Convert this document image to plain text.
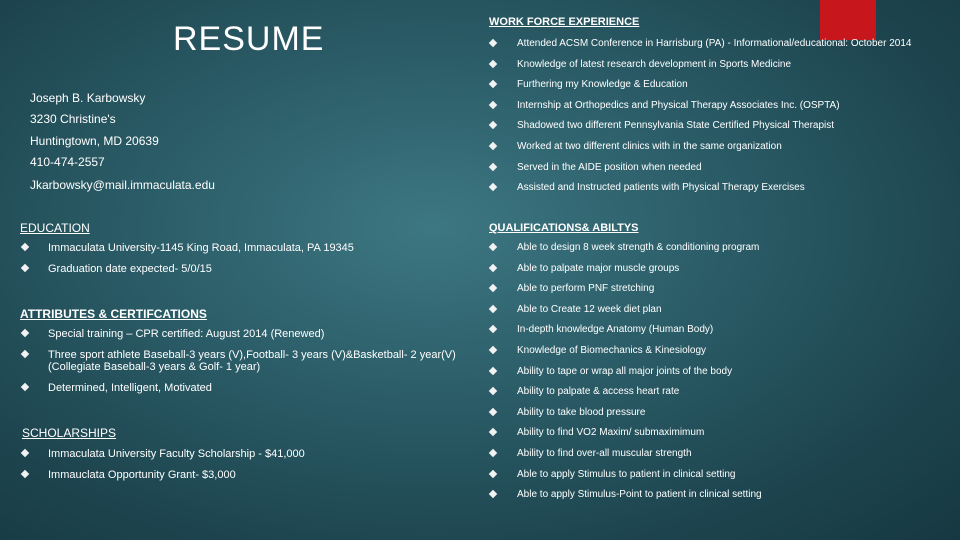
RESUME
Joseph B. Karbowsky
3230 Christine's
Huntingtown, MD 20639
410-474-2557
Jkarbowsky@mail.immaculata.edu
EDUCATION
Immaculata University-1145 King Road, Immaculata, PA 19345
Graduation date expected- 5/0/15
ATTRIBUTES & CERTIFCATIONS
Special training – CPR certified: August 2014 (Renewed)
Three sport athlete Baseball-3 years (V),Football- 3 years (V)&Basketball- 2 year(V) (Collegiate Baseball-3 years & Golf- 1 year)
Determined, Intelligent, Motivated
SCHOLARSHIPS
Immaculata University Faculty Scholarship - $41,000
Immauclata Opportunity Grant- $3,000
WORK FORCE EXPERIENCE
Attended ACSM Conference in Harrisburg (PA) - Informational/educational: October 2014
Knowledge of latest research development in Sports Medicine
Furthering my Knowledge & Education
Internship at Orthopedics and Physical Therapy Associates Inc. (OSPTA)
Shadowed two different Pennsylvania State Certified Physical Therapist
Worked at two different clinics with in the same organization
Served in the AIDE position when needed
Assisted and Instructed patients with Physical Therapy Exercises
QUALIFICATIONS& ABILTYS
Able to design 8 week strength & conditioning program
Able to palpate major muscle groups
Able to perform PNF stretching
Able to Create 12 week diet plan
In-depth knowledge Anatomy (Human Body)
Knowledge of Biomechanics & Kinesiology
Ability to tape or wrap all major joints of the body
Ability to palpate & access heart rate
Ability to take blood pressure
Ability to find VO2 Maxim/ submaximimum
Ability to find over-all muscular strength
Able to apply Stimulus to patient in clinical setting
Able to apply Stimulus-Point to patient in clinical setting
